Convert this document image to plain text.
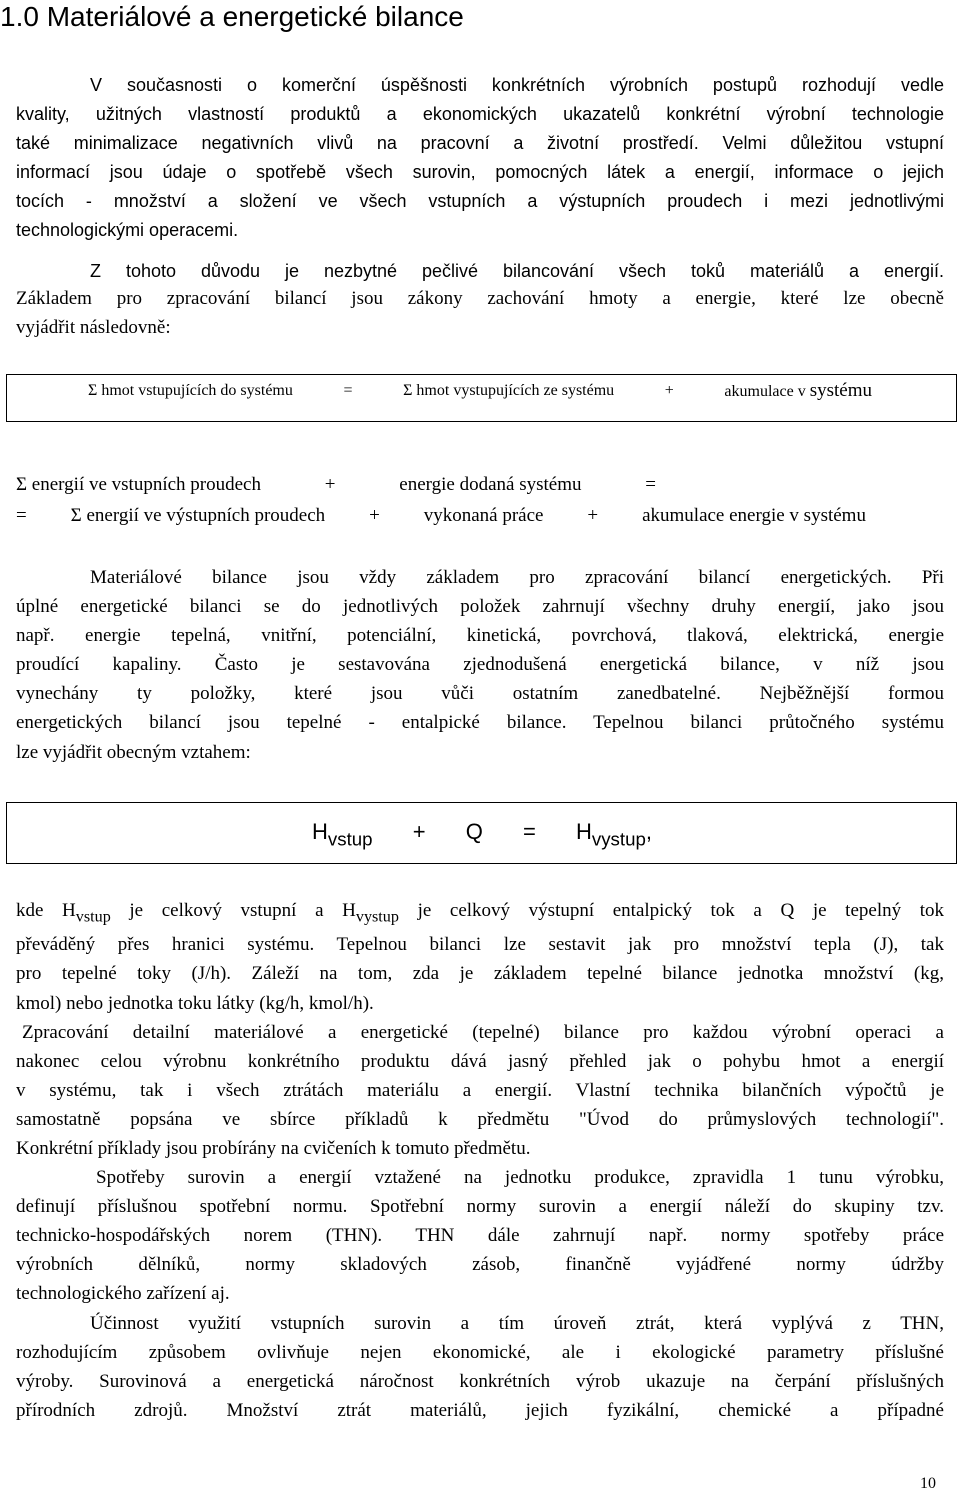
1.0 Materiálové a energetické bilance

V současnosti o komerční úspěšnosti konkrétních výrobních postupů rozhodují vedle

kvality, užitných vlastností produktů a ekonomických ukazatelů konkrétní výrobní technologie

také minimalizace negativních vlivů na pracovní a životní prostředí. Velmi důležitou vstupní

informací jsou údaje o spotřebě všech surovin, pomocných látek a energií, informace o jejich

tocích - množství a složení ve všech vstupních a výstupních proudech i mezi jednotlivými

technologickými operacemi.

Z tohoto důvodu je nezbytné pečlivé bilancování všech toků materiálů a energií.

Základem pro zpracování bilancí jsou zákony zachování hmoty a energie, které lze obecně

vyjádřit následovně:

Σ hmot vstupujících do systému	=	Σ hmot vystupujících ze systému	+	akumulace v systému
Σ energií ve vstupních proudech	+	energie dodaná systému	=
= Σ energií ve výstupních proudech + vykonaná práce + akumulace energie v systému

Materiálové bilance jsou vždy základem pro zpracování bilancí energetických. Při

úplné energetické bilanci se do jednotlivých položek zahrnují všechny druhy energií, jako jsou

např. energie tepelná, vnitřní, potenciální, kinetická, povrchová, tlaková, elektrická, energie

proudící kapaliny. Často je sestavována zjednodušená energetická bilance, v níž jsou

vynechány ty položky, které jsou vůči ostatním zanedbatelné. Nejběžnější formou

energetických bilancí jsou tepelné - entalpické bilance. Tepelnou bilanci průtočného systému

lze vyjádřit obecným vztahem:

$H_{vstup} + Q = H_{vystup}$,

kde $H_{vstup}$ je celkový vstupní a $H_{vystup}$ je celkový výstupní entalpický tok a Q je tepelný tok

převáděný přes hranici systému. Tepelnou bilanci lze sestavit jak pro množství tepla (J), tak

pro tepelné toky (J/h). Záleží na tom, zda je základem tepelné bilance jednotka množství (kg,

kmol) nebo jednotka toku látky (kg/h, kmol/h).

Zpracování detailní materiálové a energetické (tepelné) bilance pro každou výrobní operaci a

nakonec celou výrobnu konkrétního produktu dává jasný přehled jak o pohybu hmot a energií

v systému, tak i všech ztrátách materiálu a energií. Vlastní technika bilančních výpočtů je

samostatně popsána ve sbírce příkladů k předmětu "Úvod do průmyslových technologií".

Konkrétní příklady jsou probírány na cvičeních k tomuto předmětu.

Spotřeby surovin a energií vztažené na jednotku produkce, zpravidla 1 tunu výrobku,

definují příslušnou spotřební normu. Spotřební normy surovin a energií náleží do skupiny tzv.

technicko-hospodářských norem (THN). THN dále zahrnují např. normy spotřeby práce

výrobních dělníků, normy skladových zásob, finančně vyjádřené normy údržby

technologického zařízení aj.

Účinnost využití vstupních surovin a tím úroveň ztrát, která vyplývá z THN,

rozhodujícím způsobem ovlivňuje nejen ekonomické, ale i ekologické parametry příslušné

výroby. Surovinová a energetická náročnost konkrétních výrob ukazuje na čerpání příslušných

přírodních zdrojů. Množství ztrát materiálů, jejich fyzikální, chemické a případné

10
